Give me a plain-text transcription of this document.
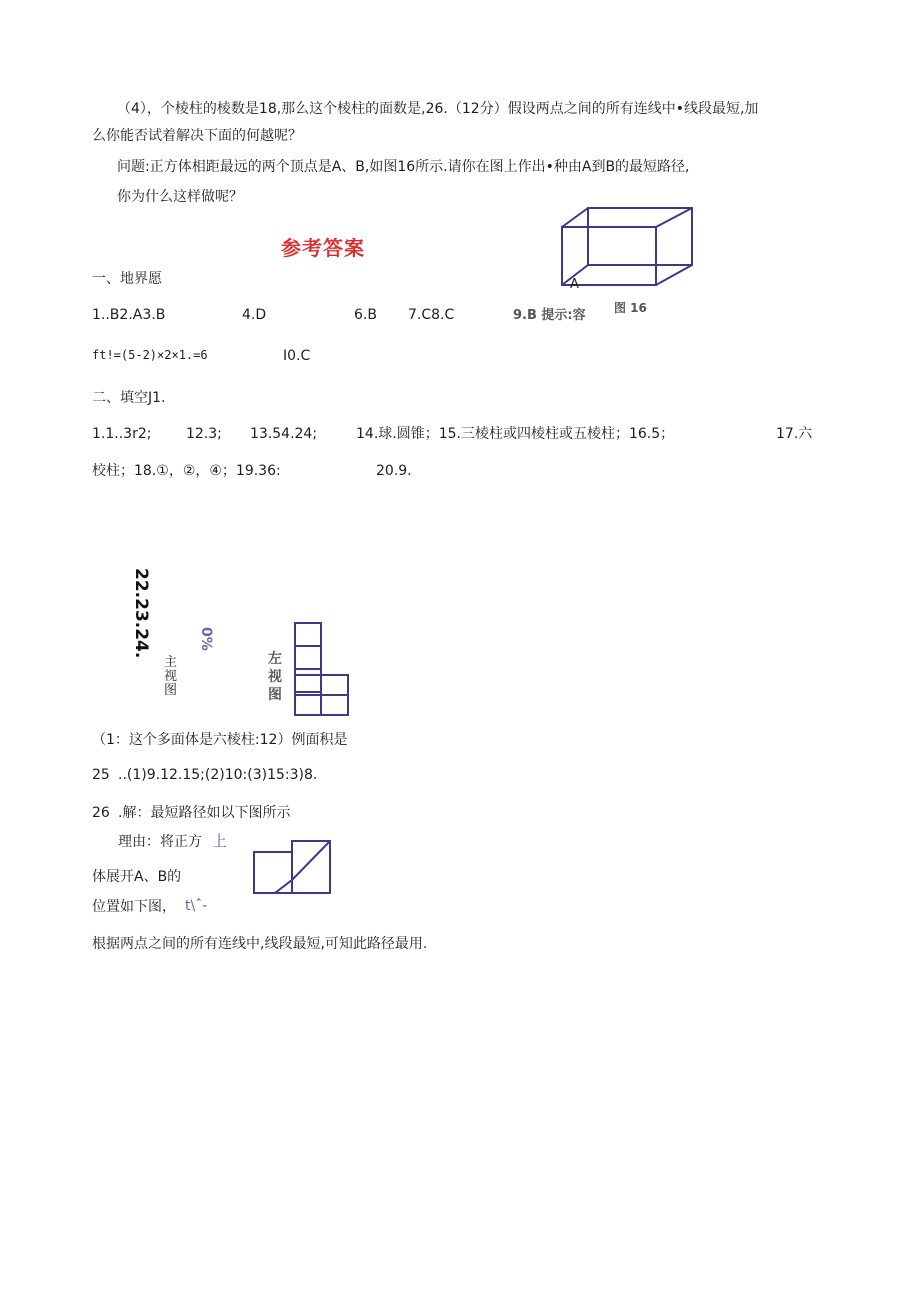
（4），个棱柱的棱数是18,那么这个棱柱的面数是,26.（12分）假设两点之间的所有连线中•线段最短,加
么你能否试着解决下面的何越呢？
问题:正方体相距最远的两个顶点是A、B,如图16所示.请你在图上作出•种由A到B的最短路径,
你为什么这样做呢？
A
图 16
参考答案
一、地界愿
1..B2.A3.B	4.D	6.B 7.C8.C	9.B 提示:容
ft!=(5-2)×2×1.=6	I0.C
二、填空J1.
1.1..3r2; 12.3; 13.54.24;	14.球.圆锥；15.三棱柱或四棱柱或五棱柱；16.5；	17.六
校柱；18.①，②，④；19.36:	20.9.
22.23.24.	0%
主视图
左视图
（1：这个多面体是六棱柱:12）例面积是
25 ..(1)9.12.15;(2)10:(3)15:3)8.
26 .解：最短路径如以下图所示
理由：将正方 上
体展开A、B的
位置如下图， t\ˆ-
根据两点之间的所有连线中,线段最短,可知此路径最用.
